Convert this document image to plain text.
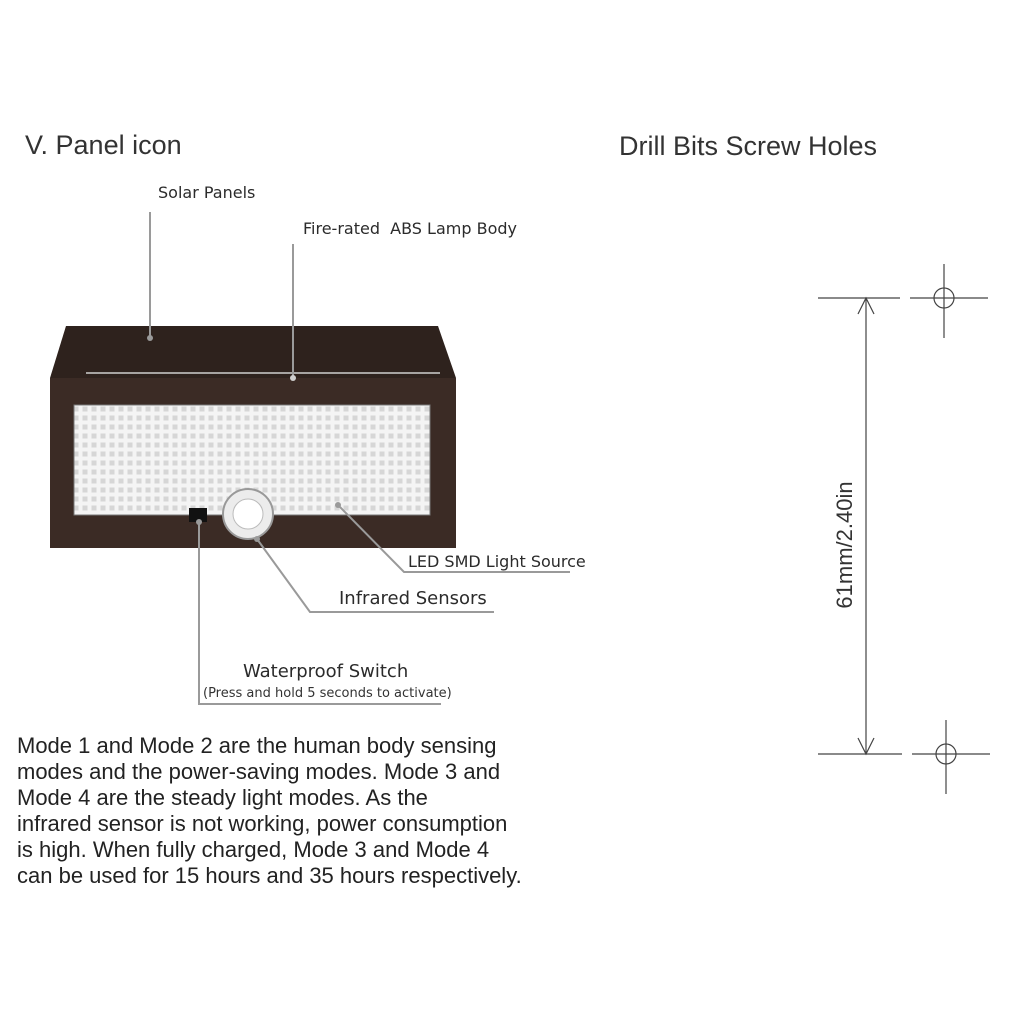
V. Panel icon	Drill Bits Screw Holes
Solar Panels
Fire-rated  ABS Lamp Body
LED SMD Light Source
Infrared Sensors
Waterproof Switch
(Press and hold 5 seconds to activate)
Mode 1 and Mode 2 are the human body sensing
modes and the power-saving modes. Mode 3 and
Mode 4 are the steady light modes. As the
infrared sensor is not working, power consumption
is high. When fully charged, Mode 3 and Mode 4
can be used for 15 hours and 35 hours respectively.
61mm/2.40in
